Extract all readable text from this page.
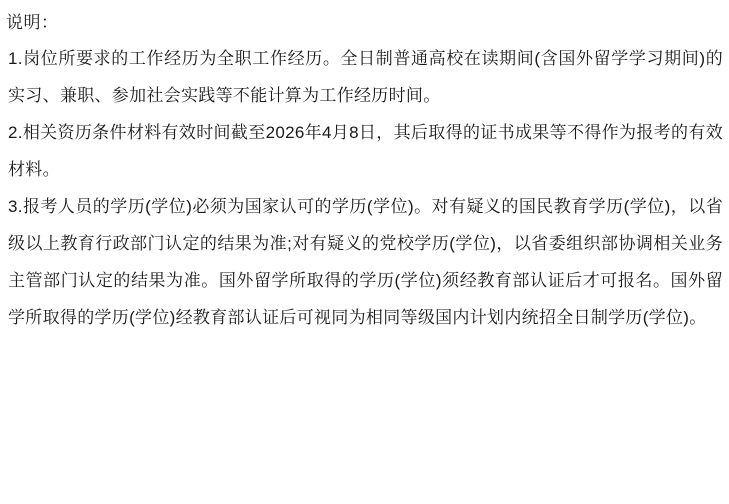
说明：

1.岗位所要求的工作经历为全职工作经历。全日制普通高校在读期间(含国外留学学习期间)的实习、兼职、参加社会实践等不能计算为工作经历时间。

2.相关资历条件材料有效时间截至2026年4月8日，其后取得的证书成果等不得作为报考的有效材料。

3.报考人员的学历(学位)必须为国家认可的学历(学位)。对有疑义的国民教育学历(学位)，以省级以上教育行政部门认定的结果为准;对有疑义的党校学历(学位)，以省委组织部协调相关业务主管部门认定的结果为准。国外留学所取得的学历(学位)须经教育部认证后才可报名。国外留学所取得的学历(学位)经教育部认证后可视同为相同等级国内计划内统招全日制学历(学位)。
